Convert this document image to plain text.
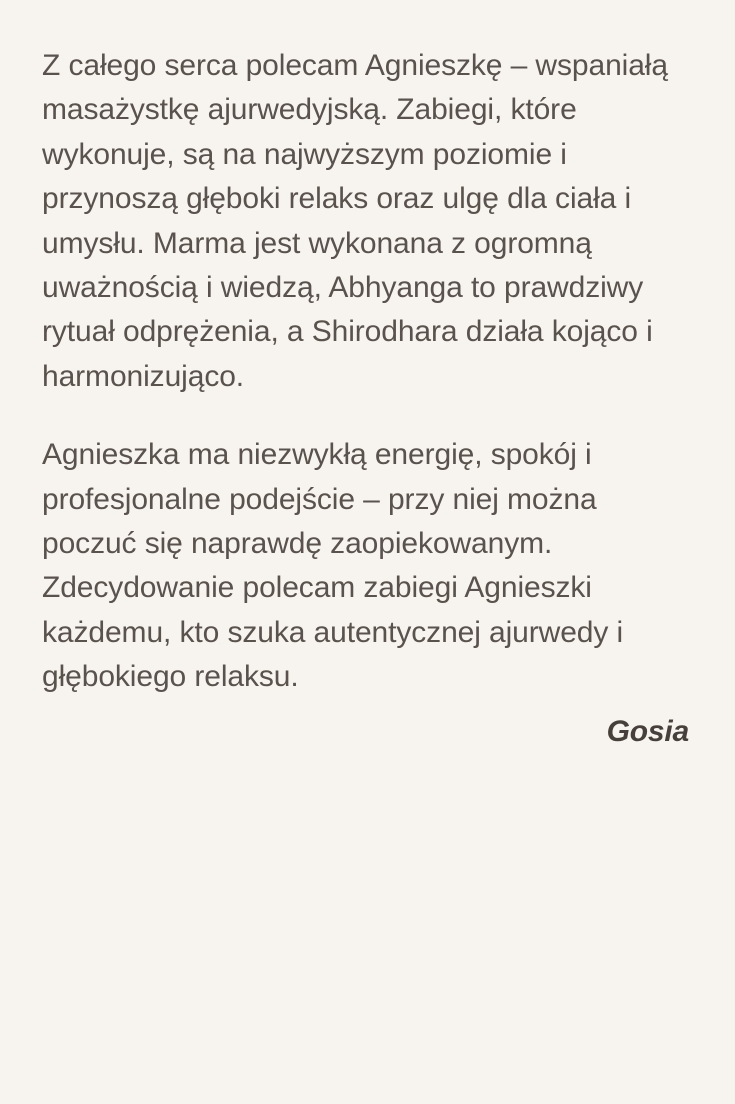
Z całego serca polecam Agnieszkę – wspaniałą masażystkę ajurwedyjską. Zabiegi, które wykonuje, są na najwyższym poziomie i przynoszą głęboki relaks oraz ulgę dla ciała i umysłu. Marma jest wykonana z ogromną uważnością i wiedzą, Abhyanga to prawdziwy rytuał odprężenia, a Shirodhara działa kojąco i harmonizująco.

Agnieszka ma niezwykłą energię, spokój i profesjonalne podejście – przy niej można poczuć się naprawdę zaopiekowanym. Zdecydowanie polecam zabiegi Agnieszki każdemu, kto szuka autentycznej ajurwedy i głębokiego relaksu.

Gosia
